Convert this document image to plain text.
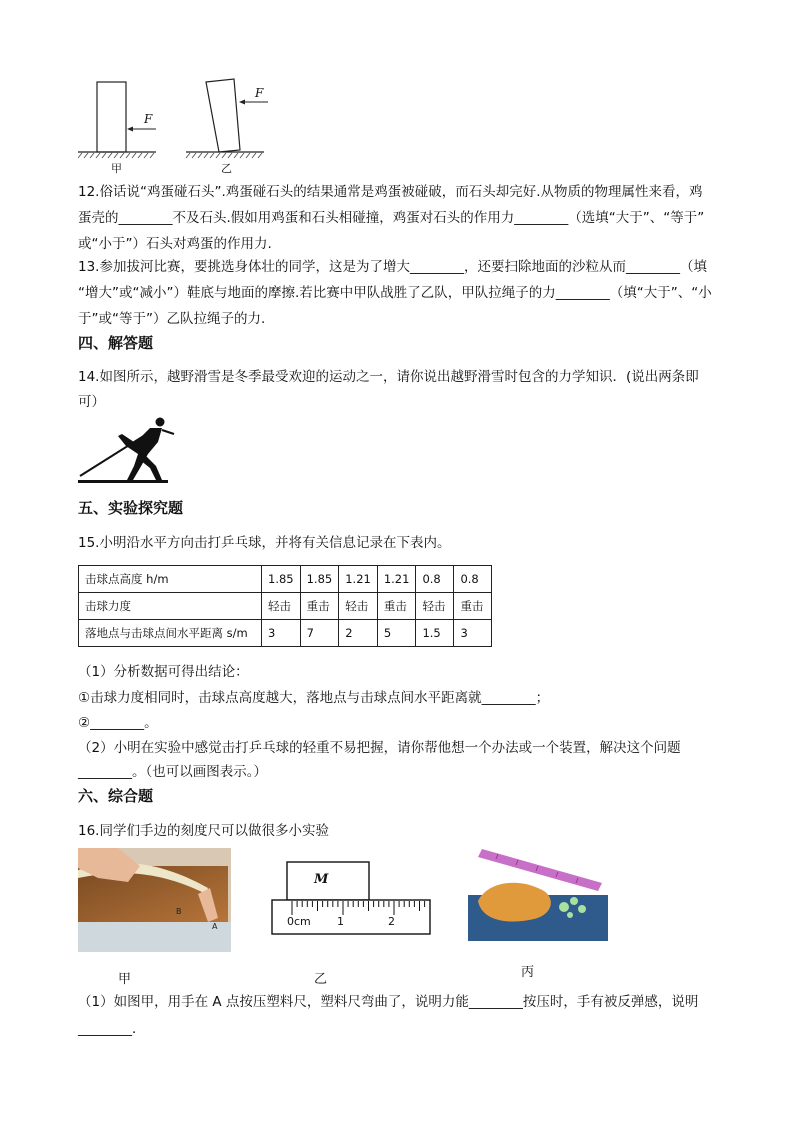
F
F
甲	乙
12.俗话说“鸡蛋碰石头”.鸡蛋碰石头的结果通常是鸡蛋被碰破，而石头却完好.从物质的物理属性来看，鸡
蛋壳的________不及石头.假如用鸡蛋和石头相碰撞，鸡蛋对石头的作用力________（选填“大于”、“等于”
或“小于”）石头对鸡蛋的作用力.
13.参加拔河比赛，要挑选身体壮的同学，这是为了增大________，还要扫除地面的沙粒从而________（填
“增大”或“减小”）鞋底与地面的摩擦.若比赛中甲队战胜了乙队，甲队拉绳子的力________（填“大于”、“小
于”或“等于”）乙队拉绳子的力.
四、解答题
14.如图所示，越野滑雪是冬季最受欢迎的运动之一，请你说出越野滑雪时包含的力学知识．(说出两条即
可）
五、实验探究题
15.小明沿水平方向击打乒乓球，并将有关信息记录在下表内。
击球点高度 h/m	1.85	1.85	1.21	1.21	0.8	0.8
击球力度	轻击	重击	轻击	重击	轻击	重击
落地点与击球点间水平距离 s/m	3	7	2	5	1.5	3
（1）分析数据可得出结论：
①击球力度相同时，击球点高度越大，落地点与击球点间水平距离就________；
②________。
（2）小明在实验中感觉击打乒乓球的轻重不易把握，请你帮他想一个办法或一个装置，解决这个问题
________。（也可以画图表示。）
六、综合题
16.同学们手边的刻度尺可以做很多小实验
B
A
M
0cm 1	2
甲	乙	丙
（1）如图甲，用手在 A 点按压塑料尺，塑料尺弯曲了，说明力能________按压时，手有被反弹感，说明
________．
